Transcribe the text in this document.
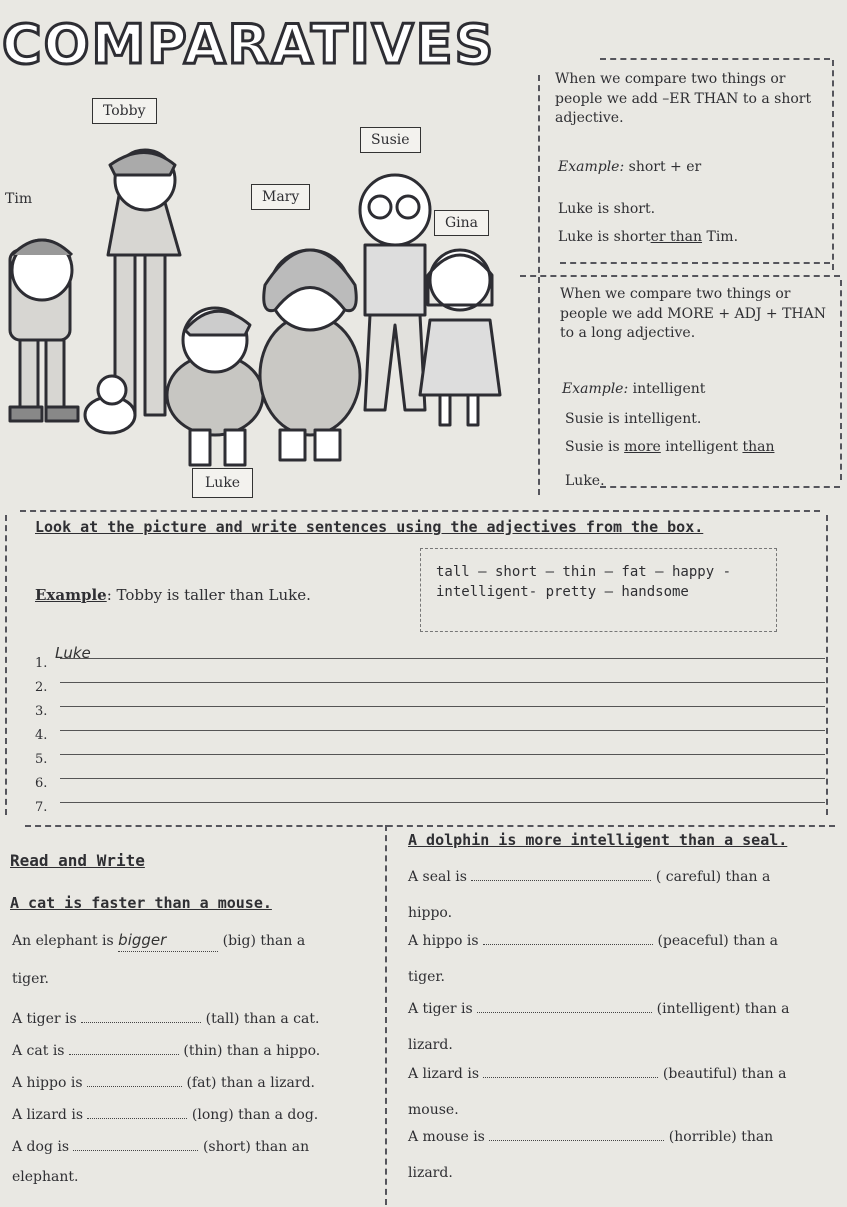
COMPARATIVES
Tobby
Susie
Tim	Mary
Gina
Luke
When we compare two things or people we add –ER THAN to a short adjective.
Example: short + er
Luke is short.
Luke is shorter than Tim.
When we compare two things or people we add MORE + ADJ + THAN to a long adjective.
Example: intelligent
Susie is intelligent.
Susie is more intelligent than
Luke.
Look at the picture and write sentences using the adjectives from the box.
Example: Tobby is taller than Luke.
tall – short – thin – fat – happy -
intelligent- pretty – handsome
1.
Luke
2.
3.
4.
5.
6.
7.
Read and Write
A cat is faster than a mouse.
A dolphin is more intelligent than a seal.
An elephant is bigger	(big) than a
tiger.
A tiger is	(tall) than a cat.
A cat is	(thin) than a hippo.
A hippo is	(fat) than a lizard.
A lizard is	(long) than a dog.
A dog is	(short) than an
elephant.
A seal is	( careful) than a
hippo.
A hippo is	(peaceful) than a
tiger.
A tiger is	(intelligent) than a
lizard.
A lizard is	(beautiful) than a
mouse.
A mouse is	(horrible) than
lizard.
